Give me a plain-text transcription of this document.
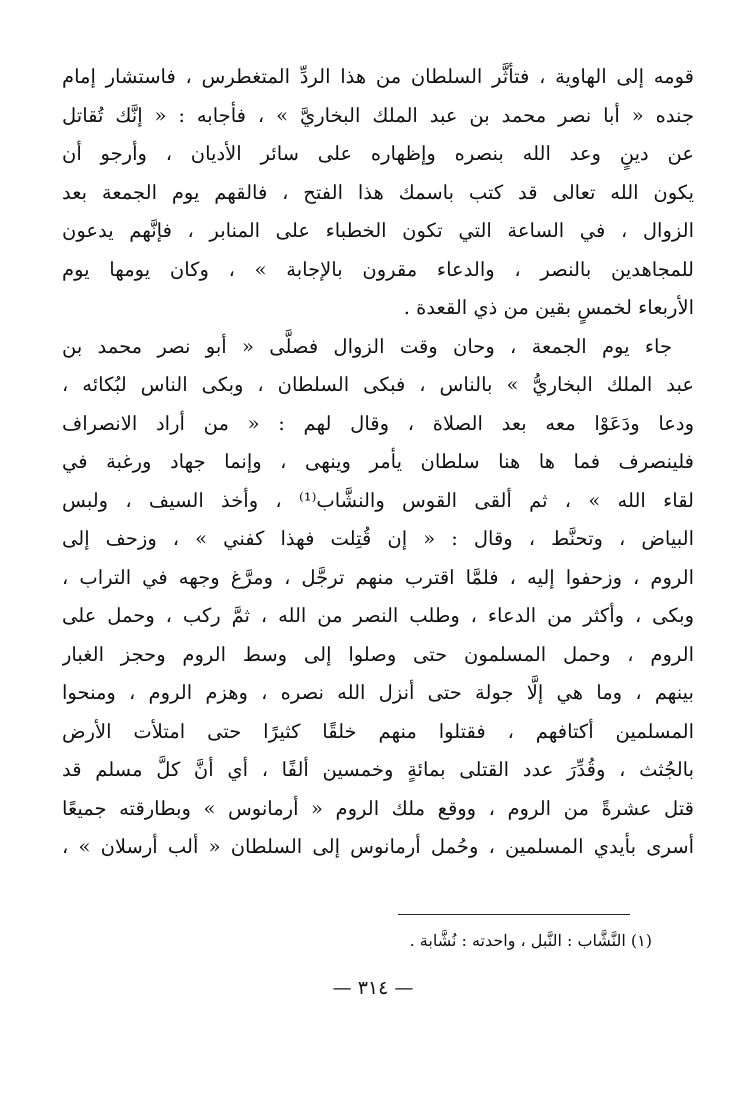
قومه إلى الهاوية ، فتأثَّر السلطان من هذا الردِّ المتغطرس ، فاستشار إمام
جنده « أبا نصر محمد بن عبد الملك البخاريَّ » ، فأجابه : « إنَّك تُقاتل
عن دينٍ وعد الله بنصره وإظهاره على سائر الأديان ، وأرجو أن
يكون الله تعالى قد كتب باسمك هذا الفتح ، فالقهم يوم الجمعة بعد
الزوال ، في الساعة التي تكون الخطباء على المنابر ، فإنَّهم يدعون
للمجاهدين بالنصر ، والدعاء مقرون بالإجابة » ، وكان يومها يوم
الأربعاء لخمسٍ بقين من ذي القعدة .
جاء يوم الجمعة ، وحان وقت الزوال فصلَّى « أبو نصر محمد بن
عبد الملك البخاريُّ » بالناس ، فبكى السلطان ، وبكى الناس لبُكائه ،
ودعا ودَعَوْا معه بعد الصلاة ، وقال لهم : « من أراد الانصراف
فلينصرف فما ها هنا سلطان يأمر وينهى ، وإنما جهاد ورغبة في
لقاء الله » ، ثم ألقى القوس والنشَّاب⁽¹⁾ ، وأخذ السيف ، ولبس
البياض ، وتحنَّط ، وقال : « إن قُتِلت فهذا كفني » ، وزحف إلى
الروم ، وزحفوا إليه ، فلمَّا اقترب منهم ترجَّل ، ومرَّغ وجهه في التراب ،
وبكى ، وأكثر من الدعاء ، وطلب النصر من الله ، ثمَّ ركب ، وحمل على
الروم ، وحمل المسلمون حتى وصلوا إلى وسط الروم وحجز الغبار
بينهم ، وما هي إلَّا جولة حتى أنزل الله نصره ، وهزم الروم ، ومنحوا
المسلمين أكتافهم ، فقتلوا منهم خلقًا كثيرًا حتى امتلأت الأرض
بالجُثث ، وقُدِّرَ عدد القتلى بمائةٍ وخمسين ألفًا ، أي أنَّ كلَّ مسلم قد
قتل عشرةً من الروم ، ووقع ملك الروم « أرمانوس » وبطارقته جميعًا
أسرى بأيدي المسلمين ، وحُمل أرمانوس إلى السلطان « ألب أرسلان » ،
(١) النَّشَّاب : النَّبل ، واحدته : نُشَّابة .
— ٣١٤ —
